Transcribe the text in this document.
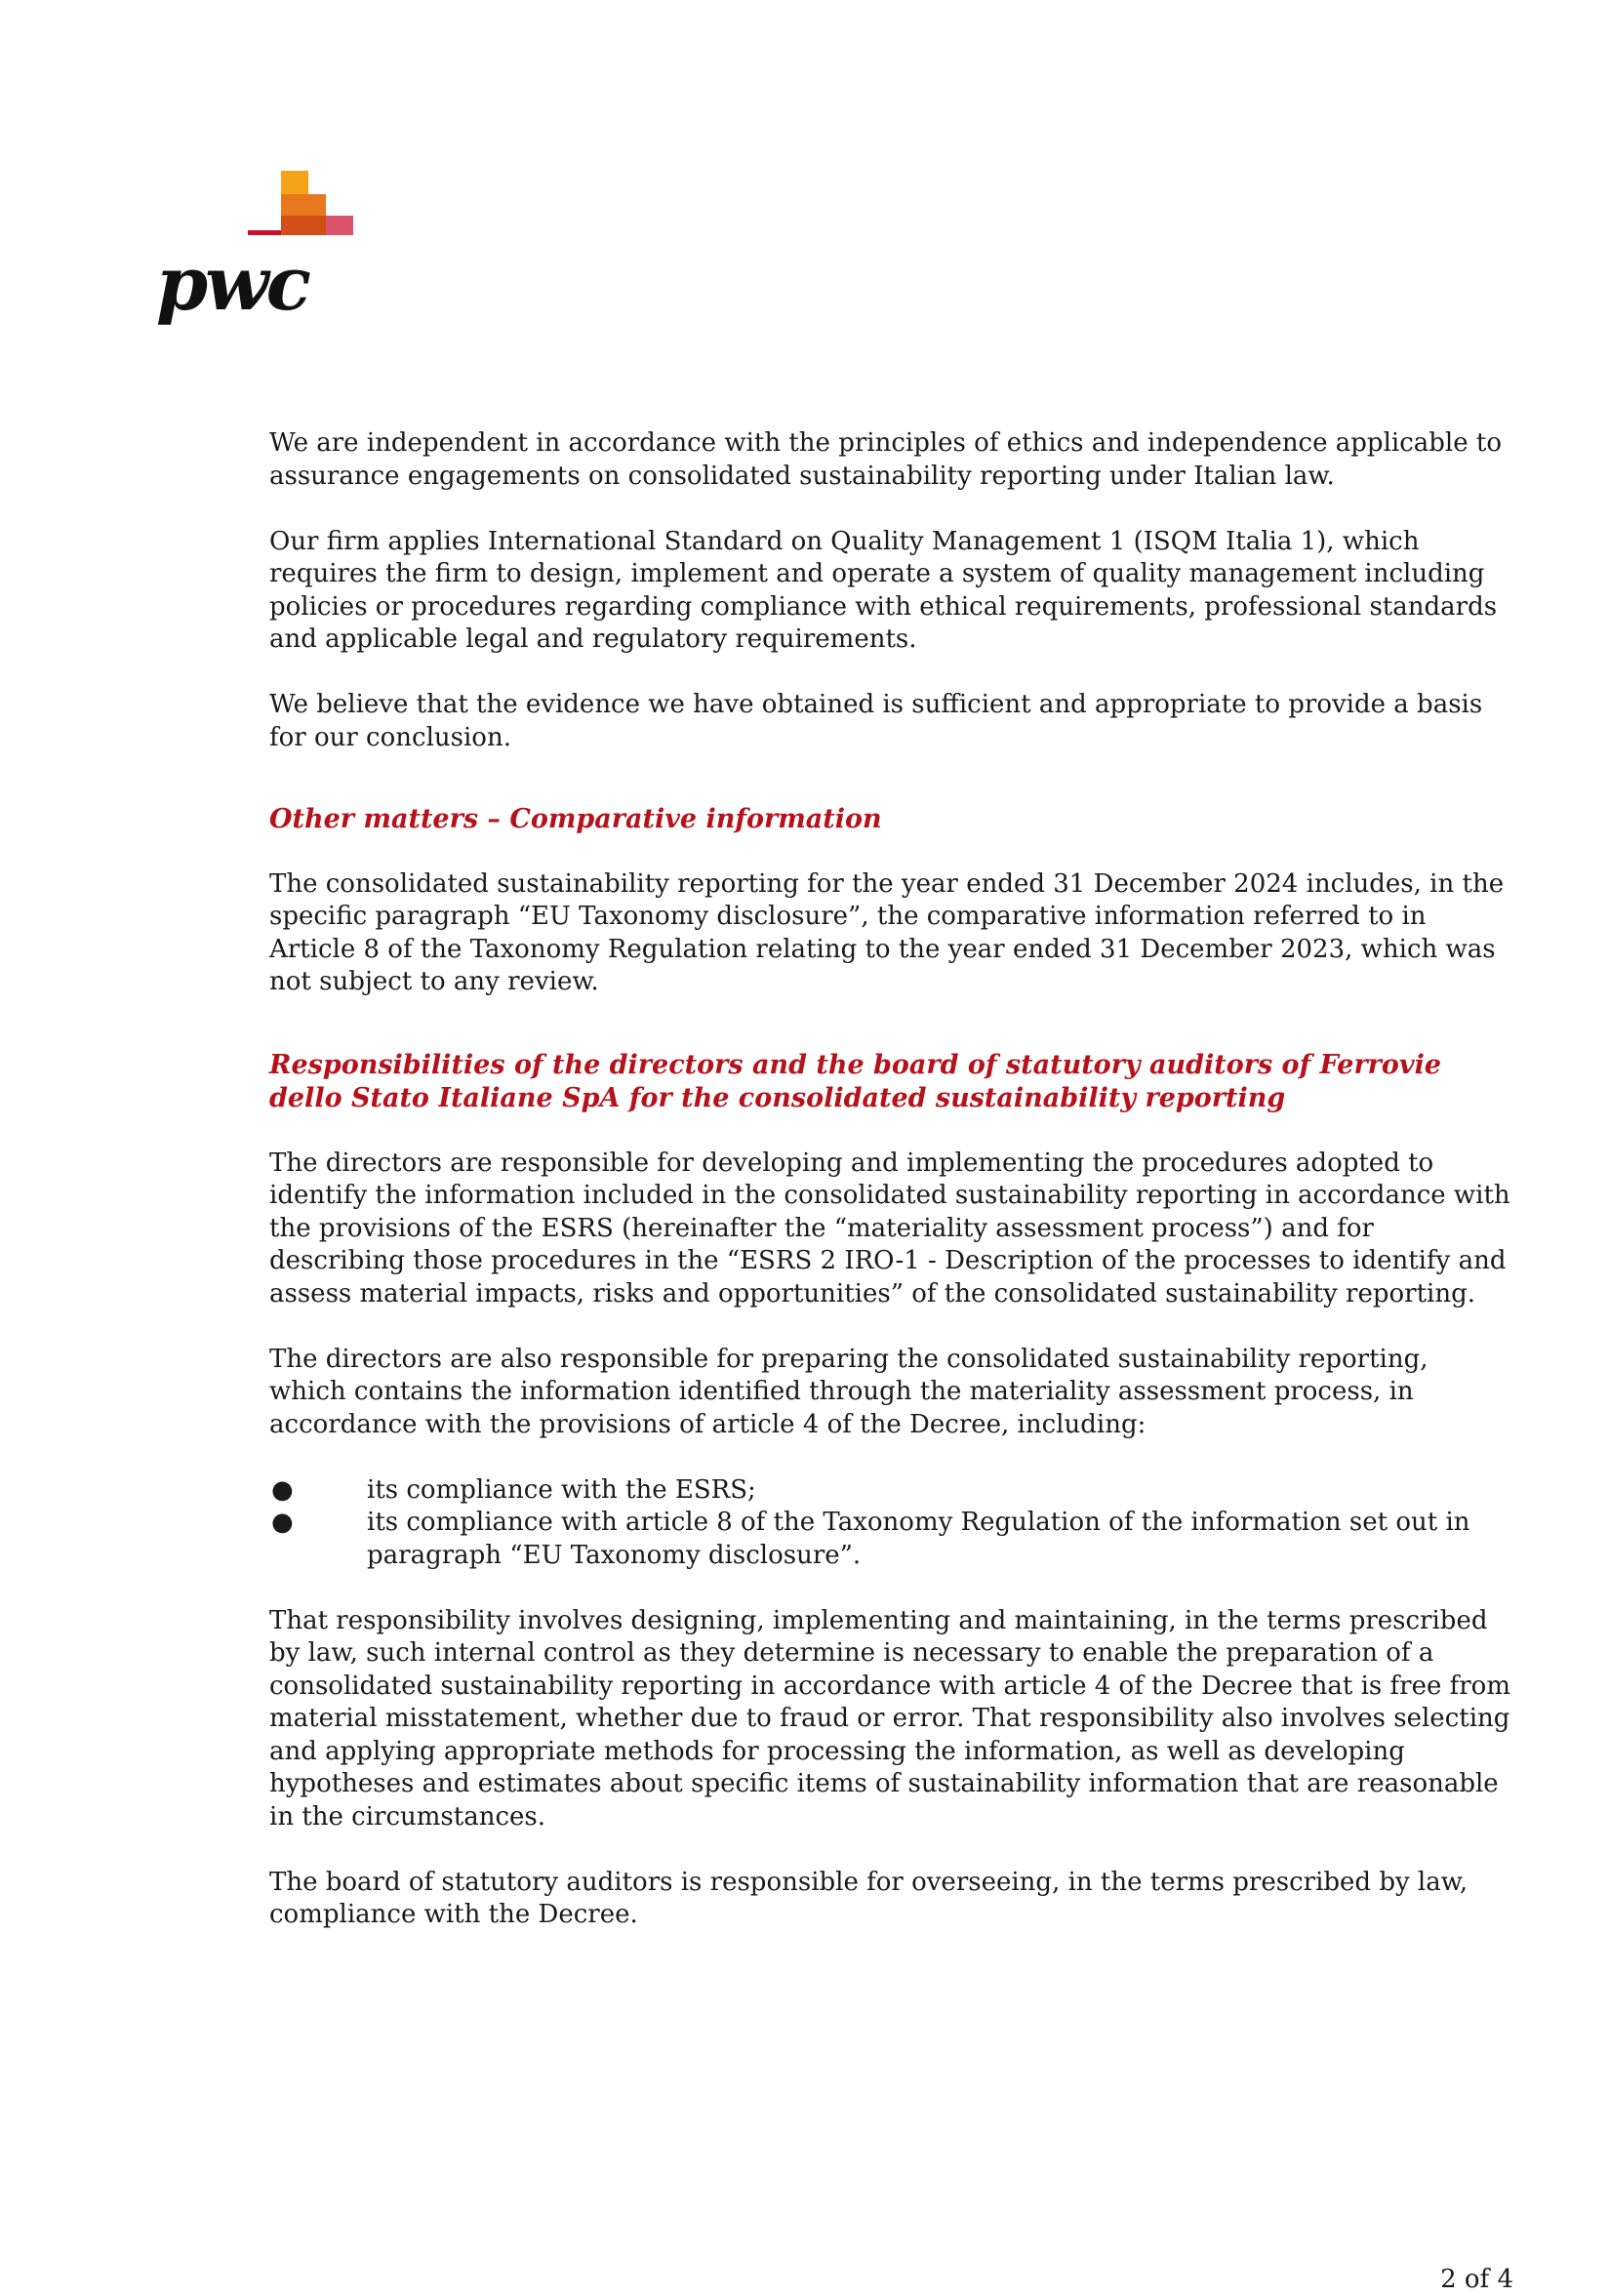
pwc

We are independent in accordance with the principles of ethics and independence applicable to assurance engagements on consolidated sustainability reporting under Italian law.

Our firm applies International Standard on Quality Management 1 (ISQM Italia 1), which requires the firm to design, implement and operate a system of quality management including policies or procedures regarding compliance with ethical requirements, professional standards and applicable legal and regulatory requirements.

We believe that the evidence we have obtained is sufficient and appropriate to provide a basis for our conclusion.

Other matters – Comparative information

The consolidated sustainability reporting for the year ended 31 December 2024 includes, in the specific paragraph “EU Taxonomy disclosure”, the comparative information referred to in Article 8 of the Taxonomy Regulation relating to the year ended 31 December 2023, which was not subject to any review.

Responsibilities of the directors and the board of statutory auditors of Ferrovie dello Stato Italiane SpA for the consolidated sustainability reporting

The directors are responsible for developing and implementing the procedures adopted to identify the information included in the consolidated sustainability reporting in accordance with the provisions of the ESRS (hereinafter the “materiality assessment process”) and for describing those procedures in the “ESRS 2 IRO-1 - Description of the processes to identify and assess material impacts, risks and opportunities” of the consolidated sustainability reporting.

The directors are also responsible for preparing the consolidated sustainability reporting, which contains the information identified through the materiality assessment process, in accordance with the provisions of article 4 of the Decree, including:

●	its compliance with the ESRS;
●	its compliance with article 8 of the Taxonomy Regulation of the information set out in paragraph “EU Taxonomy disclosure”.

That responsibility involves designing, implementing and maintaining, in the terms prescribed by law, such internal control as they determine is necessary to enable the preparation of a consolidated sustainability reporting in accordance with article 4 of the Decree that is free from material misstatement, whether due to fraud or error. That responsibility also involves selecting and applying appropriate methods for processing the information, as well as developing hypotheses and estimates about specific items of sustainability information that are reasonable in the circumstances.

The board of statutory auditors is responsible for overseeing, in the terms prescribed by law, compliance with the Decree.

2 of 4
